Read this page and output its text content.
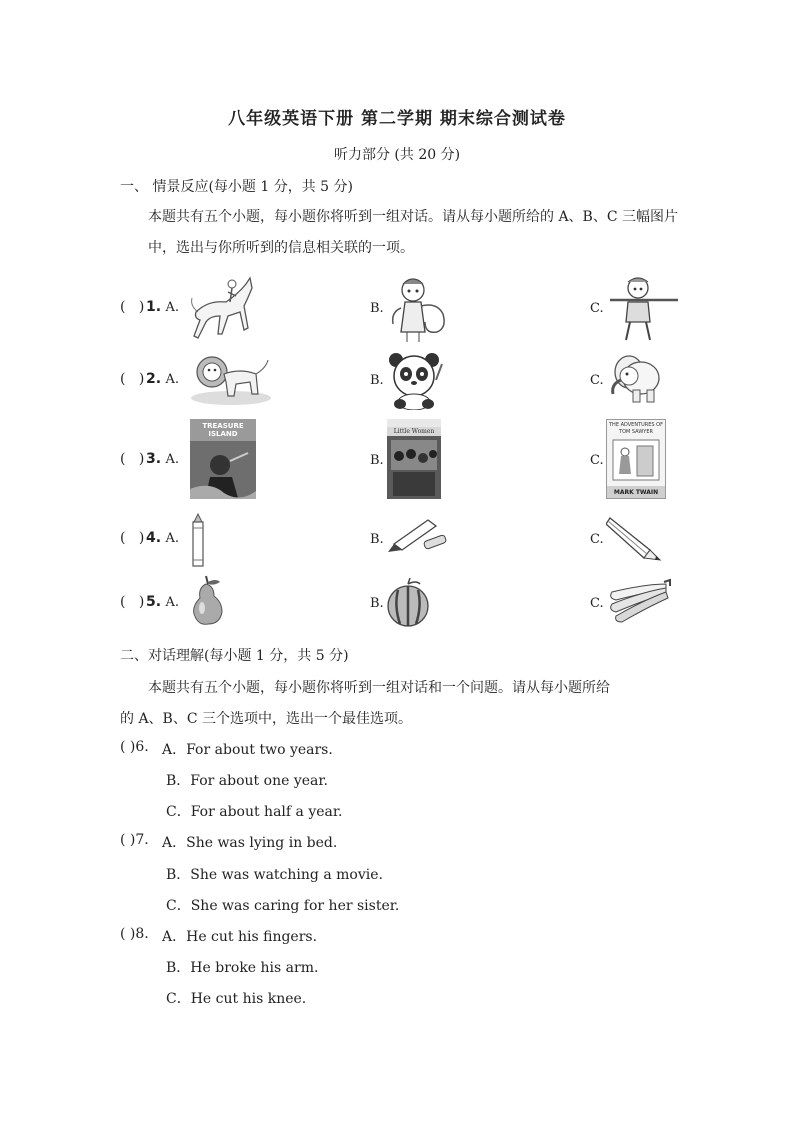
八年级英语下册 第二学期 期末综合测试卷
听力部分 (共 20 分)
一、 情景反应(每小题 1 分，共 5 分)
本题共有五个小题，每小题你将听到一组对话。请从每小题所给的 A、B、C 三幅图片中，选出与你所听到的信息相关联的一项。
(   ) 1. A.	B.	C.
(   ) 2. A.	B.	C.
(   ) 3. A.	B.	C.
TREASURE ISLAND	Little Women
THE ADVENTURES OF TOM SAWYER
MARK TWAIN
(   ) 4. A.	B.	C.
(   ) 5. A.	B.	C.
二、对话理解(每小题 1 分，共 5 分)
本题共有五个小题，每小题你将听到一组对话和一个问题。请从每小题所给
的 A、B、C 三个选项中，选出一个最佳选项。
( )6. A．For about two years.
B．For about one year.
C．For about half a year.
( )7. A．She was lying in bed.
B．She was watching a movie.
C．She was caring for her sister.
( )8. A．He cut his fingers.
B．He broke his arm.
C．He cut his knee.
